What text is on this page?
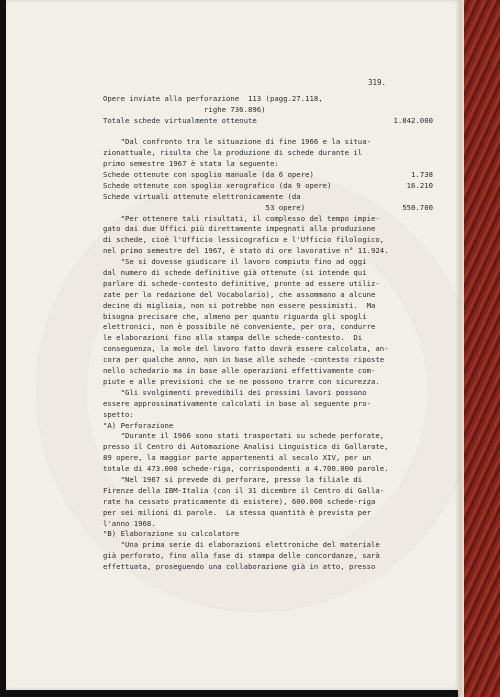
319.
Opere inviate alla perforazione  113 (pagg.27.118,
righe 736.896)
Totale schede virtualmente ottenute	1.842.000
"Dal confronto tra le situazione di fine 1966 e la situa-
zionattuale, risulta che la produzione di schede durante il
primo semestre 1967 è stata la seguente:
Schede ottenute con spoglio manuale (da 6 opere)	1.738
Schede ottenute con spoglio xerografico (da 9 opere)	16.210
Schede virtuali ottenute elettronicamente (da
53 opere)	550.700
"Per ottenere tali risultati, il complesso del tempo impie-
gato dai due Uffici più direttamente impegnati alla produzione
di schede, cioè l'Ufficio lessicografico e l'Ufficio filologico,
nel primo semestre del 1967, è stato di ore lavorative n° 11.924.
"Se si dovesse giudicare il lavoro compiuto fino ad oggi
dal numero di schede definitive già ottenute (si intende qui
parlare di schede-contesto definitive, pronte ad essere utiliz-
zate per la redazione del Vocabolario), che assommano a alcune
decine di migliaia, non si potrebbe non essere pessimisti.  Ma
bisogna precisare che, almeno per quanto riguarda gli spogli
elettronici, non è possibile né conveniente, per ora, condurre
le elaborazioni fino alla stampa delle schede-contesto.  Di
conseguenza, la mole del lavoro fatto dovrà essere calcolata, an-
cora per qualche anno, non in base alle schede -contesto riposte
nello schedario ma in base alle operazioni effettivamente com-
piute e alle previsioni che se ne possono trarre con sicurezza.
"Gli svolgimenti prevedibili dei prossimi lavori possono
essere approssimativamente calcolati in base al seguente pro-
spetto:
"A) Perforazione
"Durante il 1966 sono stati trasportati su schede perforate,
presso il Centro di Automazione Analisi Linguistica di Gallarate,
89 opere, la maggior parte appartenenti al secolo XIV, per un
totale di 473.000 schede-riga, corrispondenti a 4.700.000 parole.
"Nel 1967 si prevede di perforare, presso la filiale di
Firenze della IBM-Italia (con il 31 dicembre il Centro di Galla-
rate ha cessato praticamente di esistere), 600.000 schede-riga
per sei milioni di parole.  La stessa quantità è prevista per
l'anno 1968.
"B) Elaborazione su calcolatore
"Una prima serie di elaborazioni elettroniche del materiale
già perforato, fino alla fase di stampa delle concordanze, sarà
effettuata, proseguendo una collaborazione già in atto, presso
